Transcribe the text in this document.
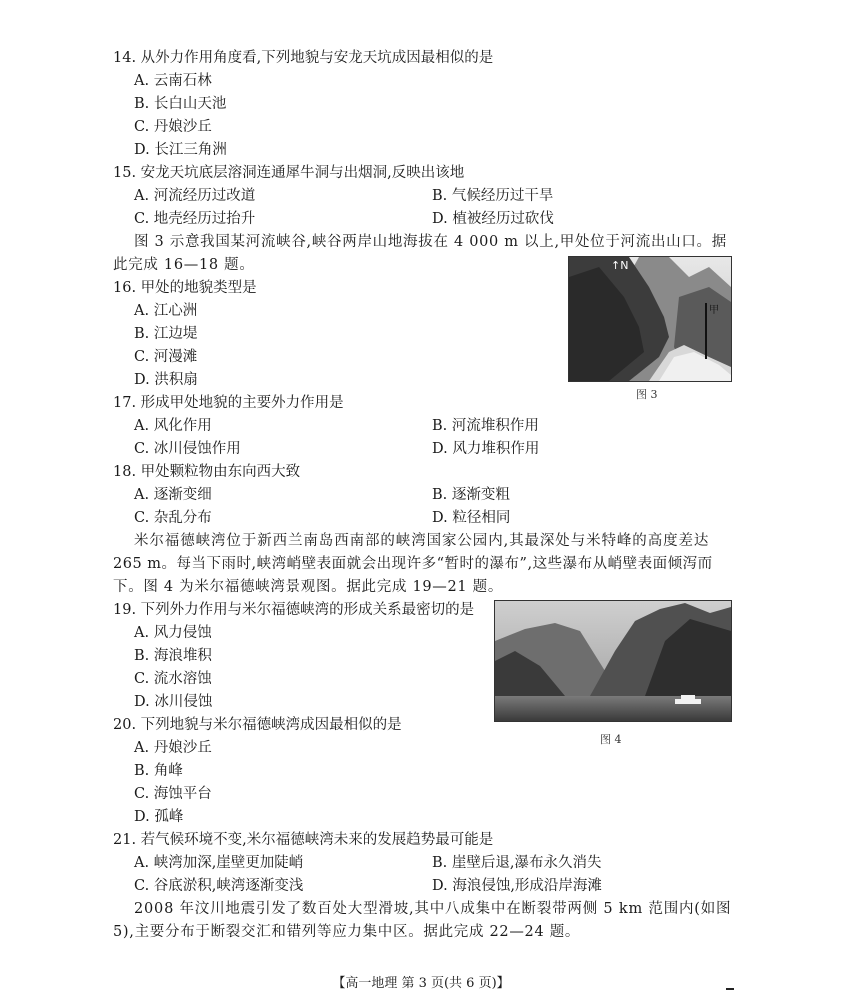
14. 从外力作用角度看,下列地貌与安龙天坑成因最相似的是
A. 云南石林
B. 长白山天池
C. 丹娘沙丘
D. 长江三角洲
15. 安龙天坑底层溶洞连通犀牛洞与出烟洞,反映出该地
A. 河流经历过改道	B. 气候经历过干旱
C. 地壳经历过抬升	D. 植被经历过砍伐
图 3 示意我国某河流峡谷,峡谷两岸山地海拔在 4 000 m 以上,甲处位于河流出山口。据
此完成 16—18 题。
16. 甲处的地貌类型是
A. 江心洲
B. 江边堤
C. 河漫滩
D. 洪积扇
↑N
甲
图 3
17. 形成甲处地貌的主要外力作用是
A. 风化作用	B. 河流堆积作用
C. 冰川侵蚀作用	D. 风力堆积作用
18. 甲处颗粒物由东向西大致
A. 逐渐变细	B. 逐渐变粗
C. 杂乱分布	D. 粒径相同
米尔福德峡湾位于新西兰南岛西南部的峡湾国家公园内,其最深处与米特峰的高度差达
265 m。每当下雨时,峡湾峭壁表面就会出现许多“暂时的瀑布”,这些瀑布从峭壁表面倾泻而
下。图 4 为米尔福德峡湾景观图。据此完成 19—21 题。
19. 下列外力作用与米尔福德峡湾的形成关系最密切的是
A. 风力侵蚀
B. 海浪堆积
C. 流水溶蚀
D. 冰川侵蚀
图 4
20. 下列地貌与米尔福德峡湾成因最相似的是
A. 丹娘沙丘
B. 角峰
C. 海蚀平台
D. 孤峰
21. 若气候环境不变,米尔福德峡湾未来的发展趋势最可能是
A. 峡湾加深,崖壁更加陡峭	B. 崖壁后退,瀑布永久消失
C. 谷底淤积,峡湾逐渐变浅	D. 海浪侵蚀,形成沿岸海滩
2008 年汶川地震引发了数百处大型滑坡,其中八成集中在断裂带两侧 5 km 范围内(如图
5),主要分布于断裂交汇和错列等应力集中区。据此完成 22—24 题。
【高一地理 第 3 页(共 6 页)】
